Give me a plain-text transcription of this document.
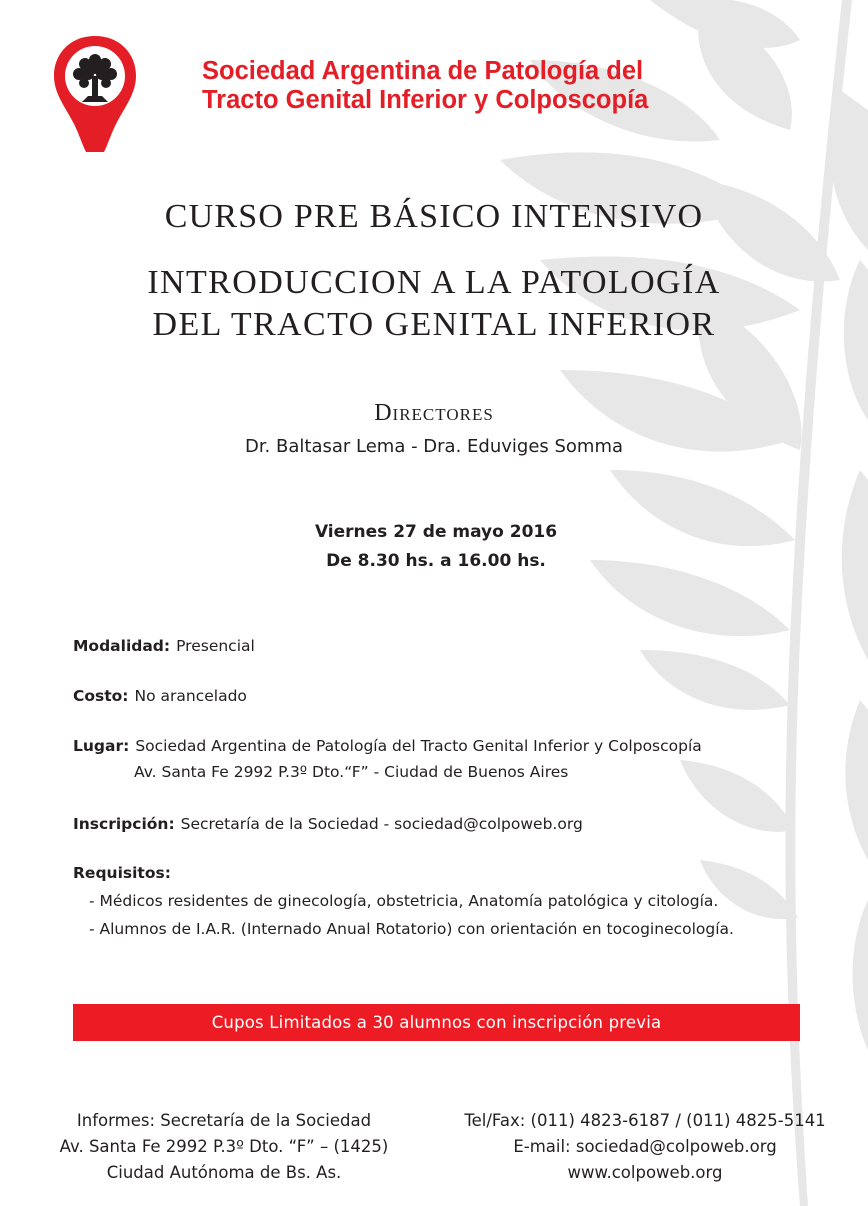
Sociedad Argentina de Patología del
Tracto Genital Inferior y Colposcopía
CURSO PRE BÁSICO INTENSIVO
INTRODUCCION A LA PATOLOGÍA
DEL TRACTO GENITAL INFERIOR
Directores
Dr. Baltasar Lema - Dra. Eduviges Somma
Viernes 27 de mayo 2016
De 8.30 hs. a 16.00 hs.
Modalidad: Presencial
Costo: No arancelado
Lugar: Sociedad Argentina de Patología del Tracto Genital Inferior y Colposcopía
Av. Santa Fe 2992 P.3º Dto.“F” - Ciudad de Buenos Aires
Inscripción: Secretaría de la Sociedad - sociedad@colpoweb.org
Requisitos:
- Médicos residentes de ginecología, obstetricia, Anatomía patológica y citología.
- Alumnos de I.A.R. (Internado Anual Rotatorio) con orientación en tocoginecología.
Cupos Limitados a 30 alumnos con inscripción previa
Informes: Secretaría de la Sociedad
Av. Santa Fe 2992 P.3º Dto. “F” – (1425)
Ciudad Autónoma de Bs. As.
Tel/Fax: (011) 4823-6187 / (011) 4825-5141
E-mail: sociedad@colpoweb.org
www.colpoweb.org
